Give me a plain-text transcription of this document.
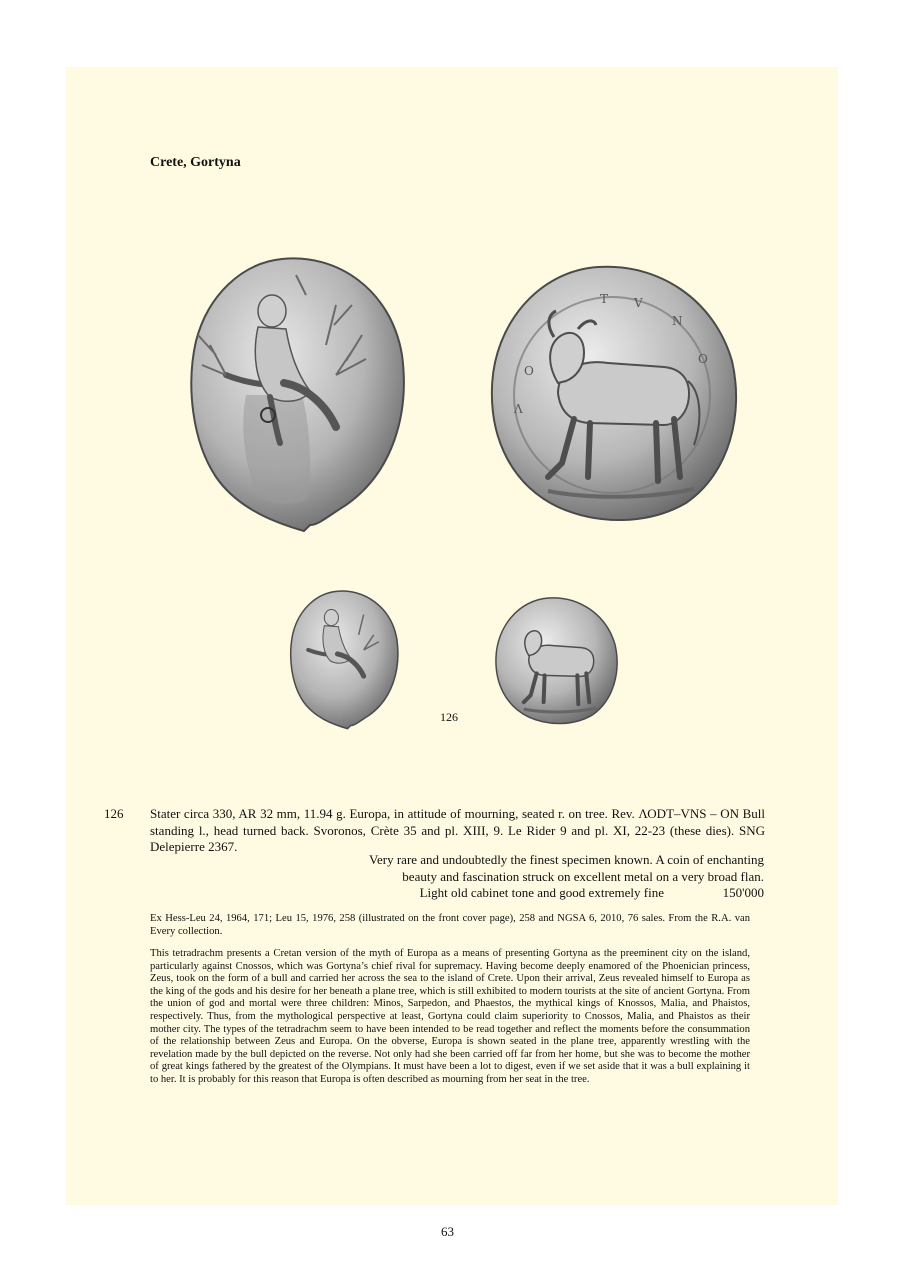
Crete, Gortyna
Λ
Ο
Τ V
Ν
Ο
126
126 Stater circa 330, AR 32 mm, 11.94 g. Europa, in attitude of mourning, seated r. on tree. Rev. ΛΟDΤ–VNS – ON Bull standing l., head turned back. Svoronos, Crète 35 and pl. XIII, 9. Le Rider 9 and pl. XI, 22-23 (these dies). SNG Delepierre 2367.
Very rare and undoubtedly the finest specimen known. A coin of enchanting
beauty and fascination struck on excellent metal on a very broad flan.
Light old cabinet tone and good extremely fine	150'000
Ex Hess-Leu 24, 1964, 171; Leu 15, 1976, 258 (illustrated on the front cover page), 258 and NGSA 6, 2010, 76 sales. From the R.A. van Every collection.
This tetradrachm presents a Cretan version of the myth of Europa as a means of presenting Gortyna as the preeminent city on the island, particularly against Cnossos, which was Gortyna’s chief rival for supremacy. Having become deeply enamored of the Phoenician princess, Zeus, took on the form of a bull and carried her across the sea to the island of Crete. Upon their arrival, Zeus revealed himself to Europa as the king of the gods and his desire for her beneath a plane tree, which is still exhibited to modern tourists at the site of ancient Gortyna. From the union of god and mortal were three children: Minos, Sarpedon, and Phaestos, the mythical kings of Knossos, Malia, and Phaistos, respectively. Thus, from the mythological perspective at least, Gortyna could claim superiority to Cnossos, Malia, and Phaistos as their mother city. The types of the tetradrachm seem to have been intended to be read together and reflect the moments before the consummation of the relationship between Zeus and Europa. On the obverse, Europa is shown seated in the plane tree, apparently wrestling with the revelation made by the bull depicted on the reverse. Not only had she been carried off far from her home, but she was to become the mother of great kings fathered by the greatest of the Olympians. It must have been a lot to digest, even if we set aside that it was a bull explaining it to her. It is probably for this reason that Europa is often described as mourning from her seat in the tree.
63
